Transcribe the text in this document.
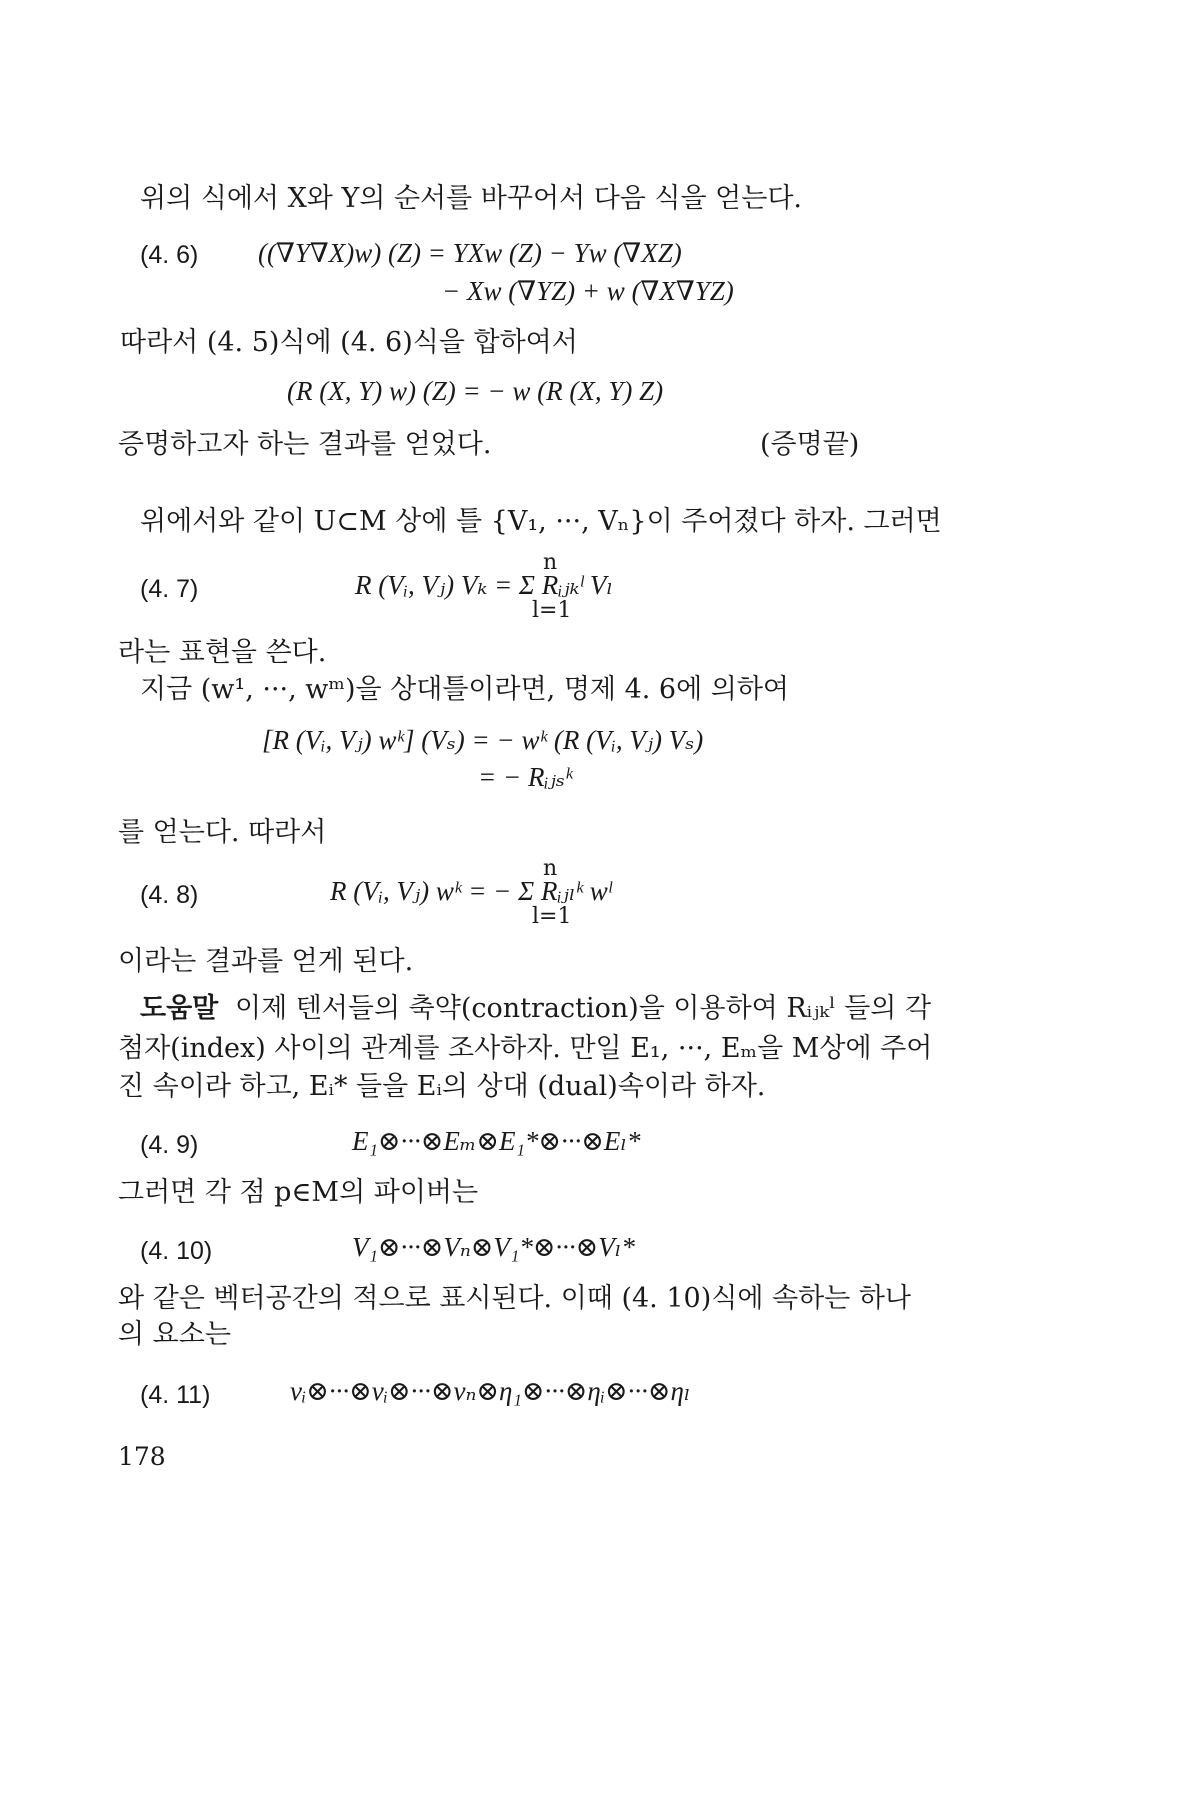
위의 식에서 X와 Y의 순서를 바꾸어서 다음 식을 얻는다.
(4. 6) ((∇Y∇X)w) (Z) = YXw (Z) − Yw (∇XZ)
− Xw (∇YZ) + w (∇X∇YZ)
따라서 (4. 5)식에 (4. 6)식을 합하여서
(R (X, Y) w) (Z) = − w (R (X, Y) Z)
증명하고자 하는 결과를 얻었다.	(증명끝)
위에서와 같이 U⊂M 상에 틀 {V₁, ···, Vₙ}이 주어졌다 하자. 그러면
(4. 7)	R (Vᵢ, Vⱼ) Vₖ = Σ Rᵢⱼₖˡ Vₗ
n
l=1
라는 표현을 쓴다.
지금 (w¹, ···, wᵐ)을 상대틀이라면, 명제 4. 6에 의하여
[R (Vᵢ, Vⱼ) wᵏ] (Vₛ) = − wᵏ (R (Vᵢ, Vⱼ) Vₛ)
= − Rᵢⱼₛᵏ
를 얻는다. 따라서
(4. 8)	R (Vᵢ, Vⱼ) wᵏ = − Σ Rᵢⱼₗᵏ wˡ
n
l=1
이라는 결과를 얻게 된다.
도움말 이제 텐서들의 축약(contraction)을 이용하여 Rᵢⱼₖˡ 들의 각
첨자(index) 사이의 관계를 조사하자. 만일 E₁, ···, Eₘ을 M상에 주어
진 속이라 하고, Eᵢ* 들을 Eᵢ의 상대 (dual)속이라 하자.
(4. 9)	E₁⊗···⊗Eₘ⊗E₁*⊗···⊗Eₗ*
그러면 각 점 p∈M의 파이버는
(4. 10)	V₁⊗···⊗Vₙ⊗V₁*⊗···⊗Vₗ*
와 같은 벡터공간의 적으로 표시된다. 이때 (4. 10)식에 속하는 하나
의 요소는
(4. 11)	vᵢ⊗···⊗vᵢ⊗···⊗vₙ⊗η₁⊗···⊗ηᵢ⊗···⊗ηₗ
178
